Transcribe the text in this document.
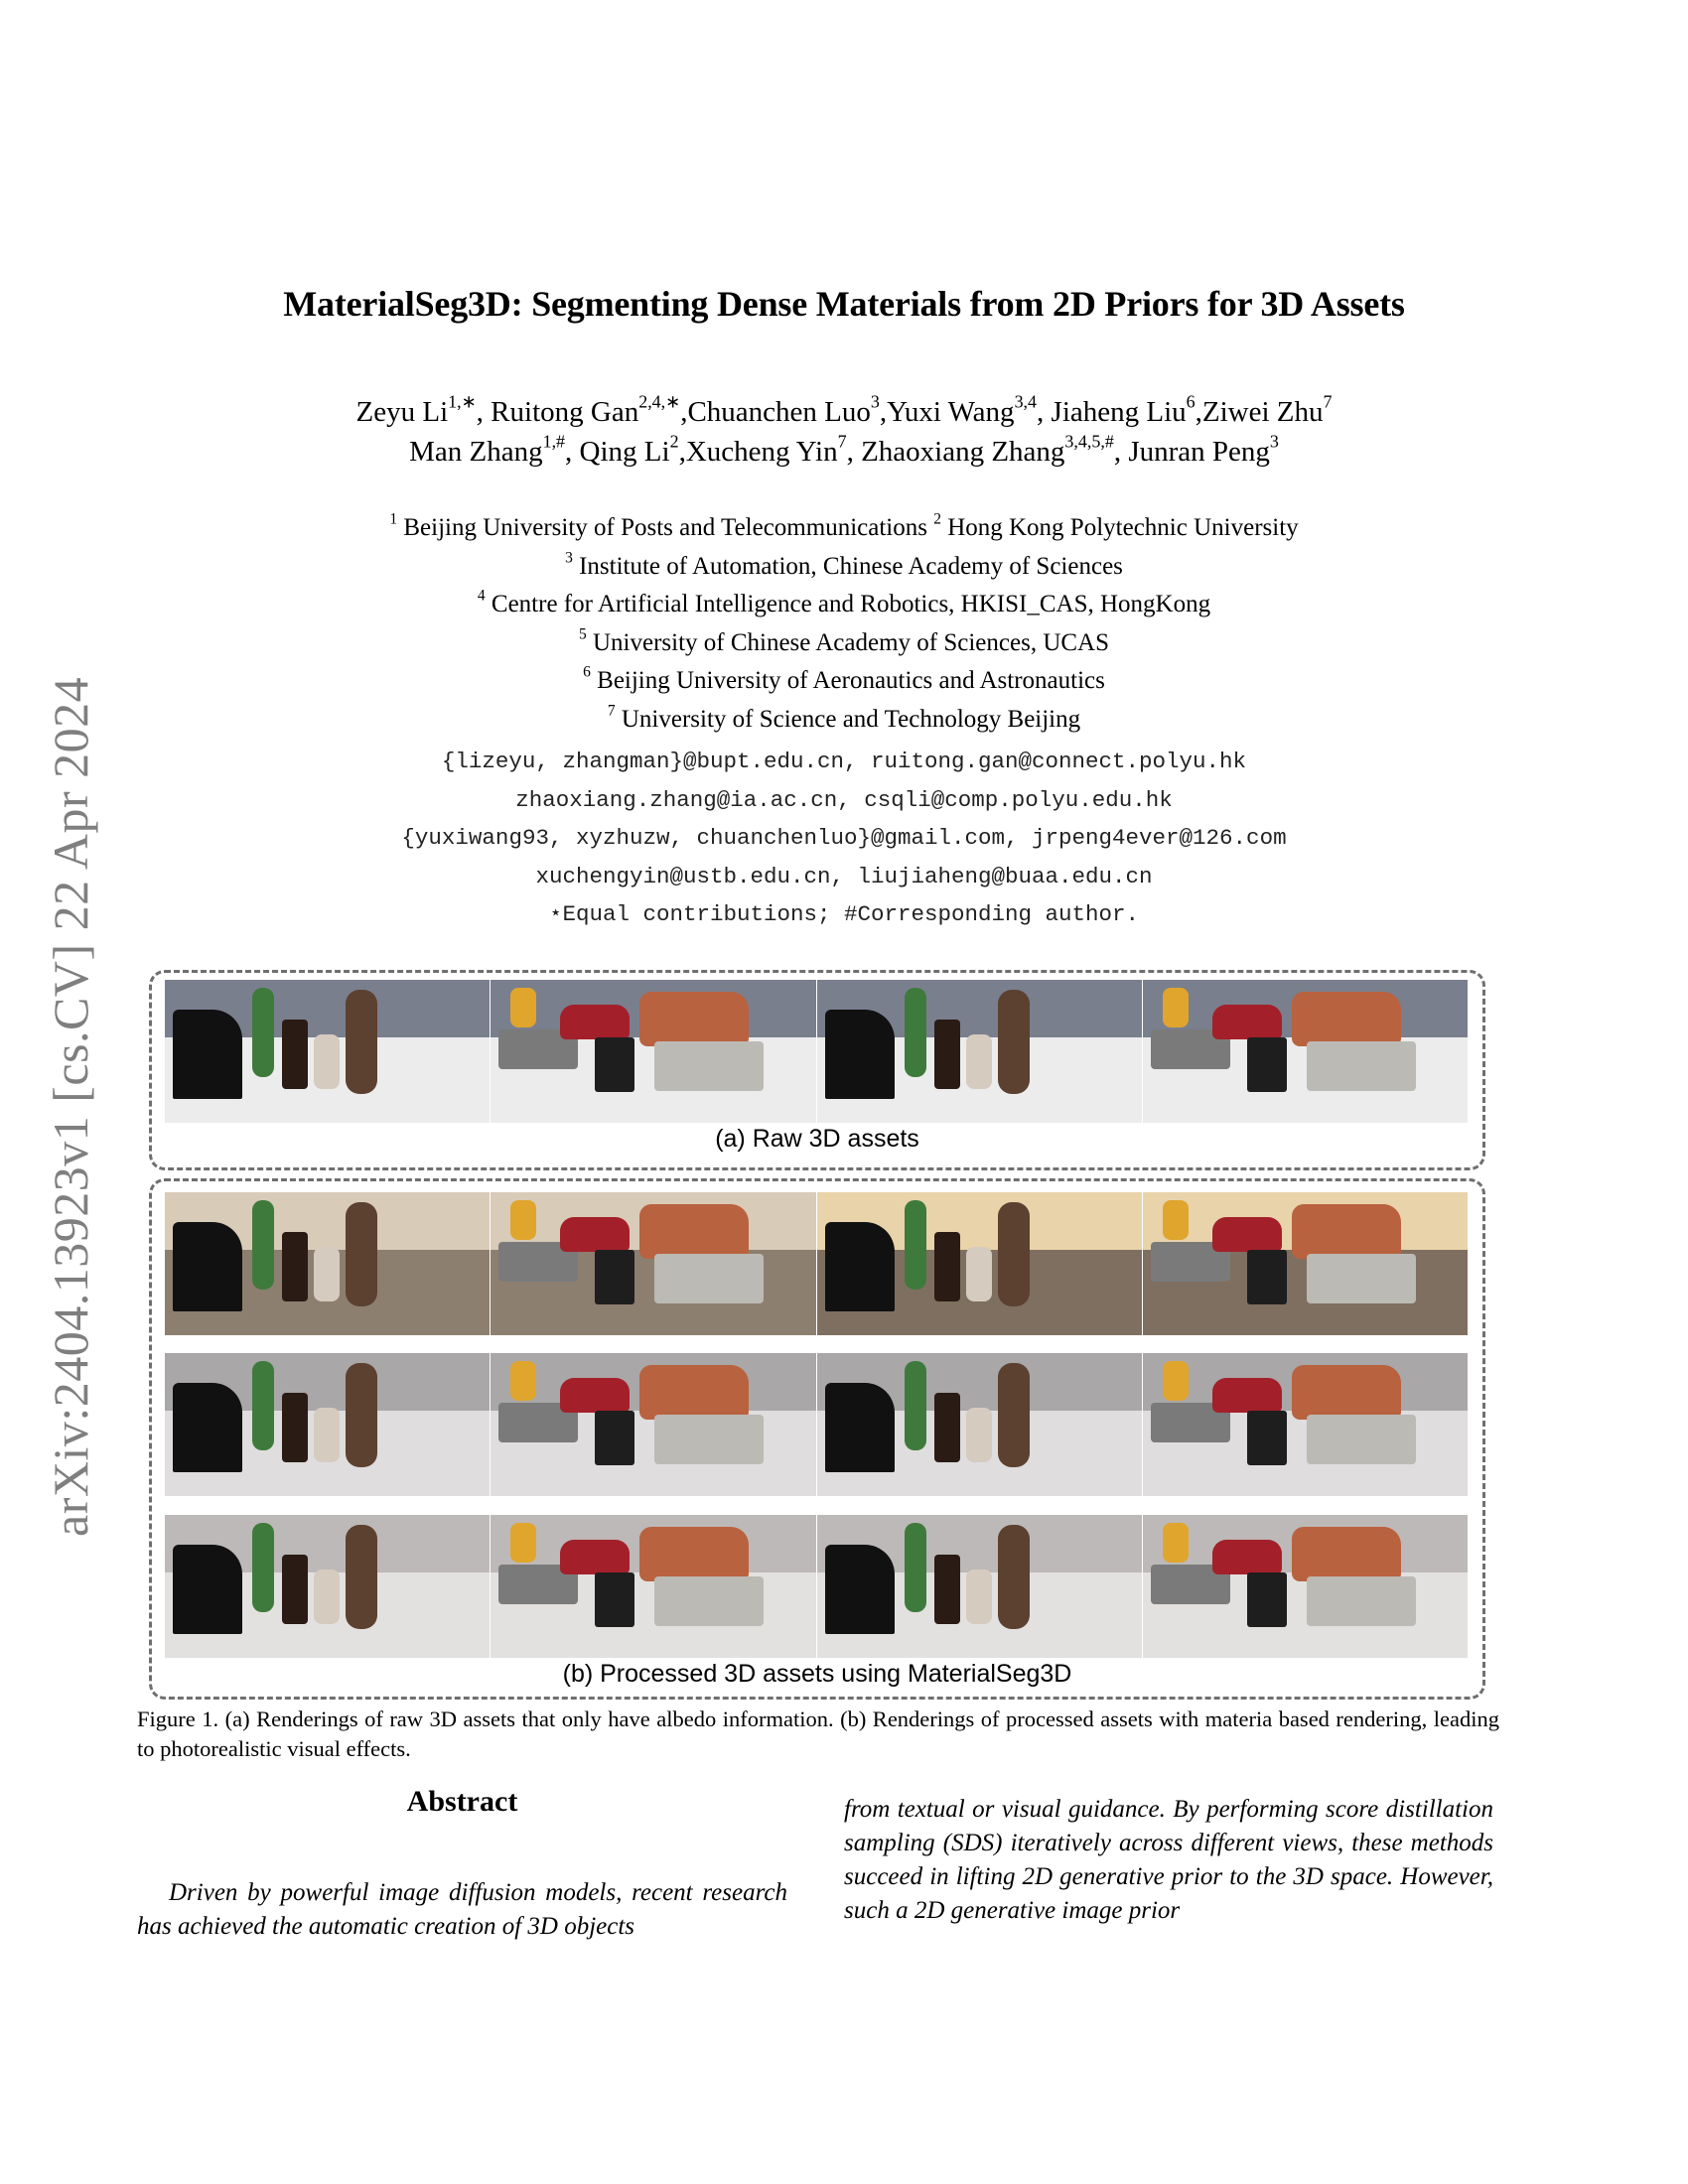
arXiv:2404.13923v1 [cs.CV] 22 Apr 2024
MaterialSeg3D: Segmenting Dense Materials from 2D Priors for 3D Assets
Zeyu $Li^{1,∗}$, Ruitong Gan$^{2,4,∗}$,Chuanchen Luo$^3$,Yuxi Wang$^{3,4}$, Jiaheng Liu$^6$,Ziwei Zhu$^7$
Man Zhang$^{1,\#}$, Qing Li$^2$,Xucheng Yin$^7$, Zhaoxiang Zhang$^{3,4,5,\#}$, Junran Peng$^3$
$^1$ Beijing University of Posts and Telecommunications $^2$ Hong Kong Polytechnic University
$^3$ Institute of Automation, Chinese Academy of Sciences
$^4$ Centre for Artificial Intelligence and Robotics, HKISI_CAS, HongKong
$^5$ University of Chinese Academy of Sciences, UCAS
$^6$ Beijing University of Aeronautics and Astronautics
$^7$ University of Science and Technology Beijing
{lizeyu, zhangman}@bupt.edu.cn, ruitong.gan@connect.polyu.hk
zhaoxiang.zhang@ia.ac.cn, csqli@comp.polyu.edu.hk
{yuxiwang93, xyzhuzw, chuanchenluo}@gmail.com, jrpeng4ever@126.com
xuchengyin@ustb.edu.cn, liujiaheng@buaa.edu.cn
⋆Equal contributions; #Corresponding author.
(a) Raw 3D assets
(b) Processed 3D assets using MaterialSeg3D
Figure 1. (a) Renderings of raw 3D assets that only have albedo information. (b) Renderings of processed assets with materia based rendering, leading to photorealistic visual effects.
Abstract

Driven by powerful image diffusion models, recent research has achieved the automatic creation of 3D objects

from textual or visual guidance. By performing score distillation sampling (SDS) iteratively across different views, these methods succeed in lifting 2D generative prior to the 3D space. However, such a 2D generative image prior
